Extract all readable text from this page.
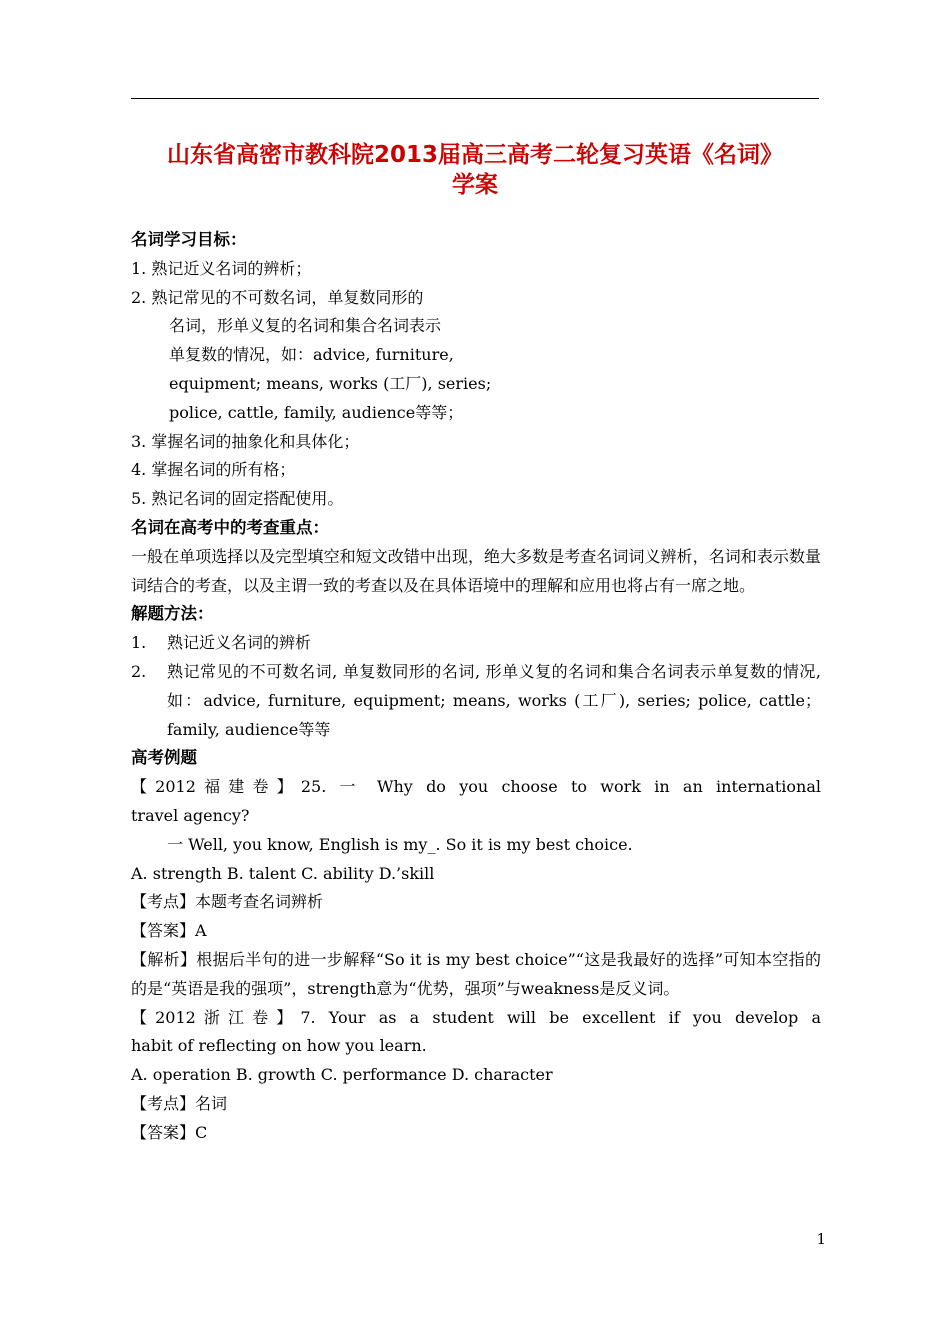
山东省高密市教科院2013届高三高考二轮复习英语《名词》
学案
名词学习目标：
1. 熟记近义名词的辨析；
2. 熟记常见的不可数名词，单复数同形的
名词，形单义复的名词和集合名词表示
单复数的情况，如：advice, furniture,
equipment; means, works (工厂), series;
police, cattle, family, audience等等；
3. 掌握名词的抽象化和具体化；
4. 掌握名词的所有格；
5. 熟记名词的固定搭配使用。
名词在高考中的考查重点：
一般在单项选择以及完型填空和短文改错中出现，绝大多数是考查名词词义辨析，名词和表示数量词结合的考查，以及主谓一致的考查以及在具体语境中的理解和应用也将占有一席之地。
解题方法：
1.	熟记近义名词的辨析
2.	熟记常见的不可数名词, 单复数同形的名词, 形单义复的名词和集合名词表示单复数的情况, 如：advice, furniture, equipment; means, works (工厂), series; police, cattle；family, audience等等
高考例题
【2012福建卷】25. 一 Why do you choose to work in an international
travel agency?
一 Well, you know, English is my_. So it is my best choice.
A. strength B. talent C. ability D.’skill
【考点】本题考查名词辨析
【答案】A
【解析】根据后半句的进一步解释“So it is my best choice”“这是我最好的选择”可知本空指的的是“英语是我的强项”，strength意为“优势，强项”与weakness是反义词。
【2012浙江卷】7. Your as a student will be excellent if you develop a
habit of reflecting on how you learn.
A. operation B. growth C. performance D. character
【考点】名词
【答案】C
1
